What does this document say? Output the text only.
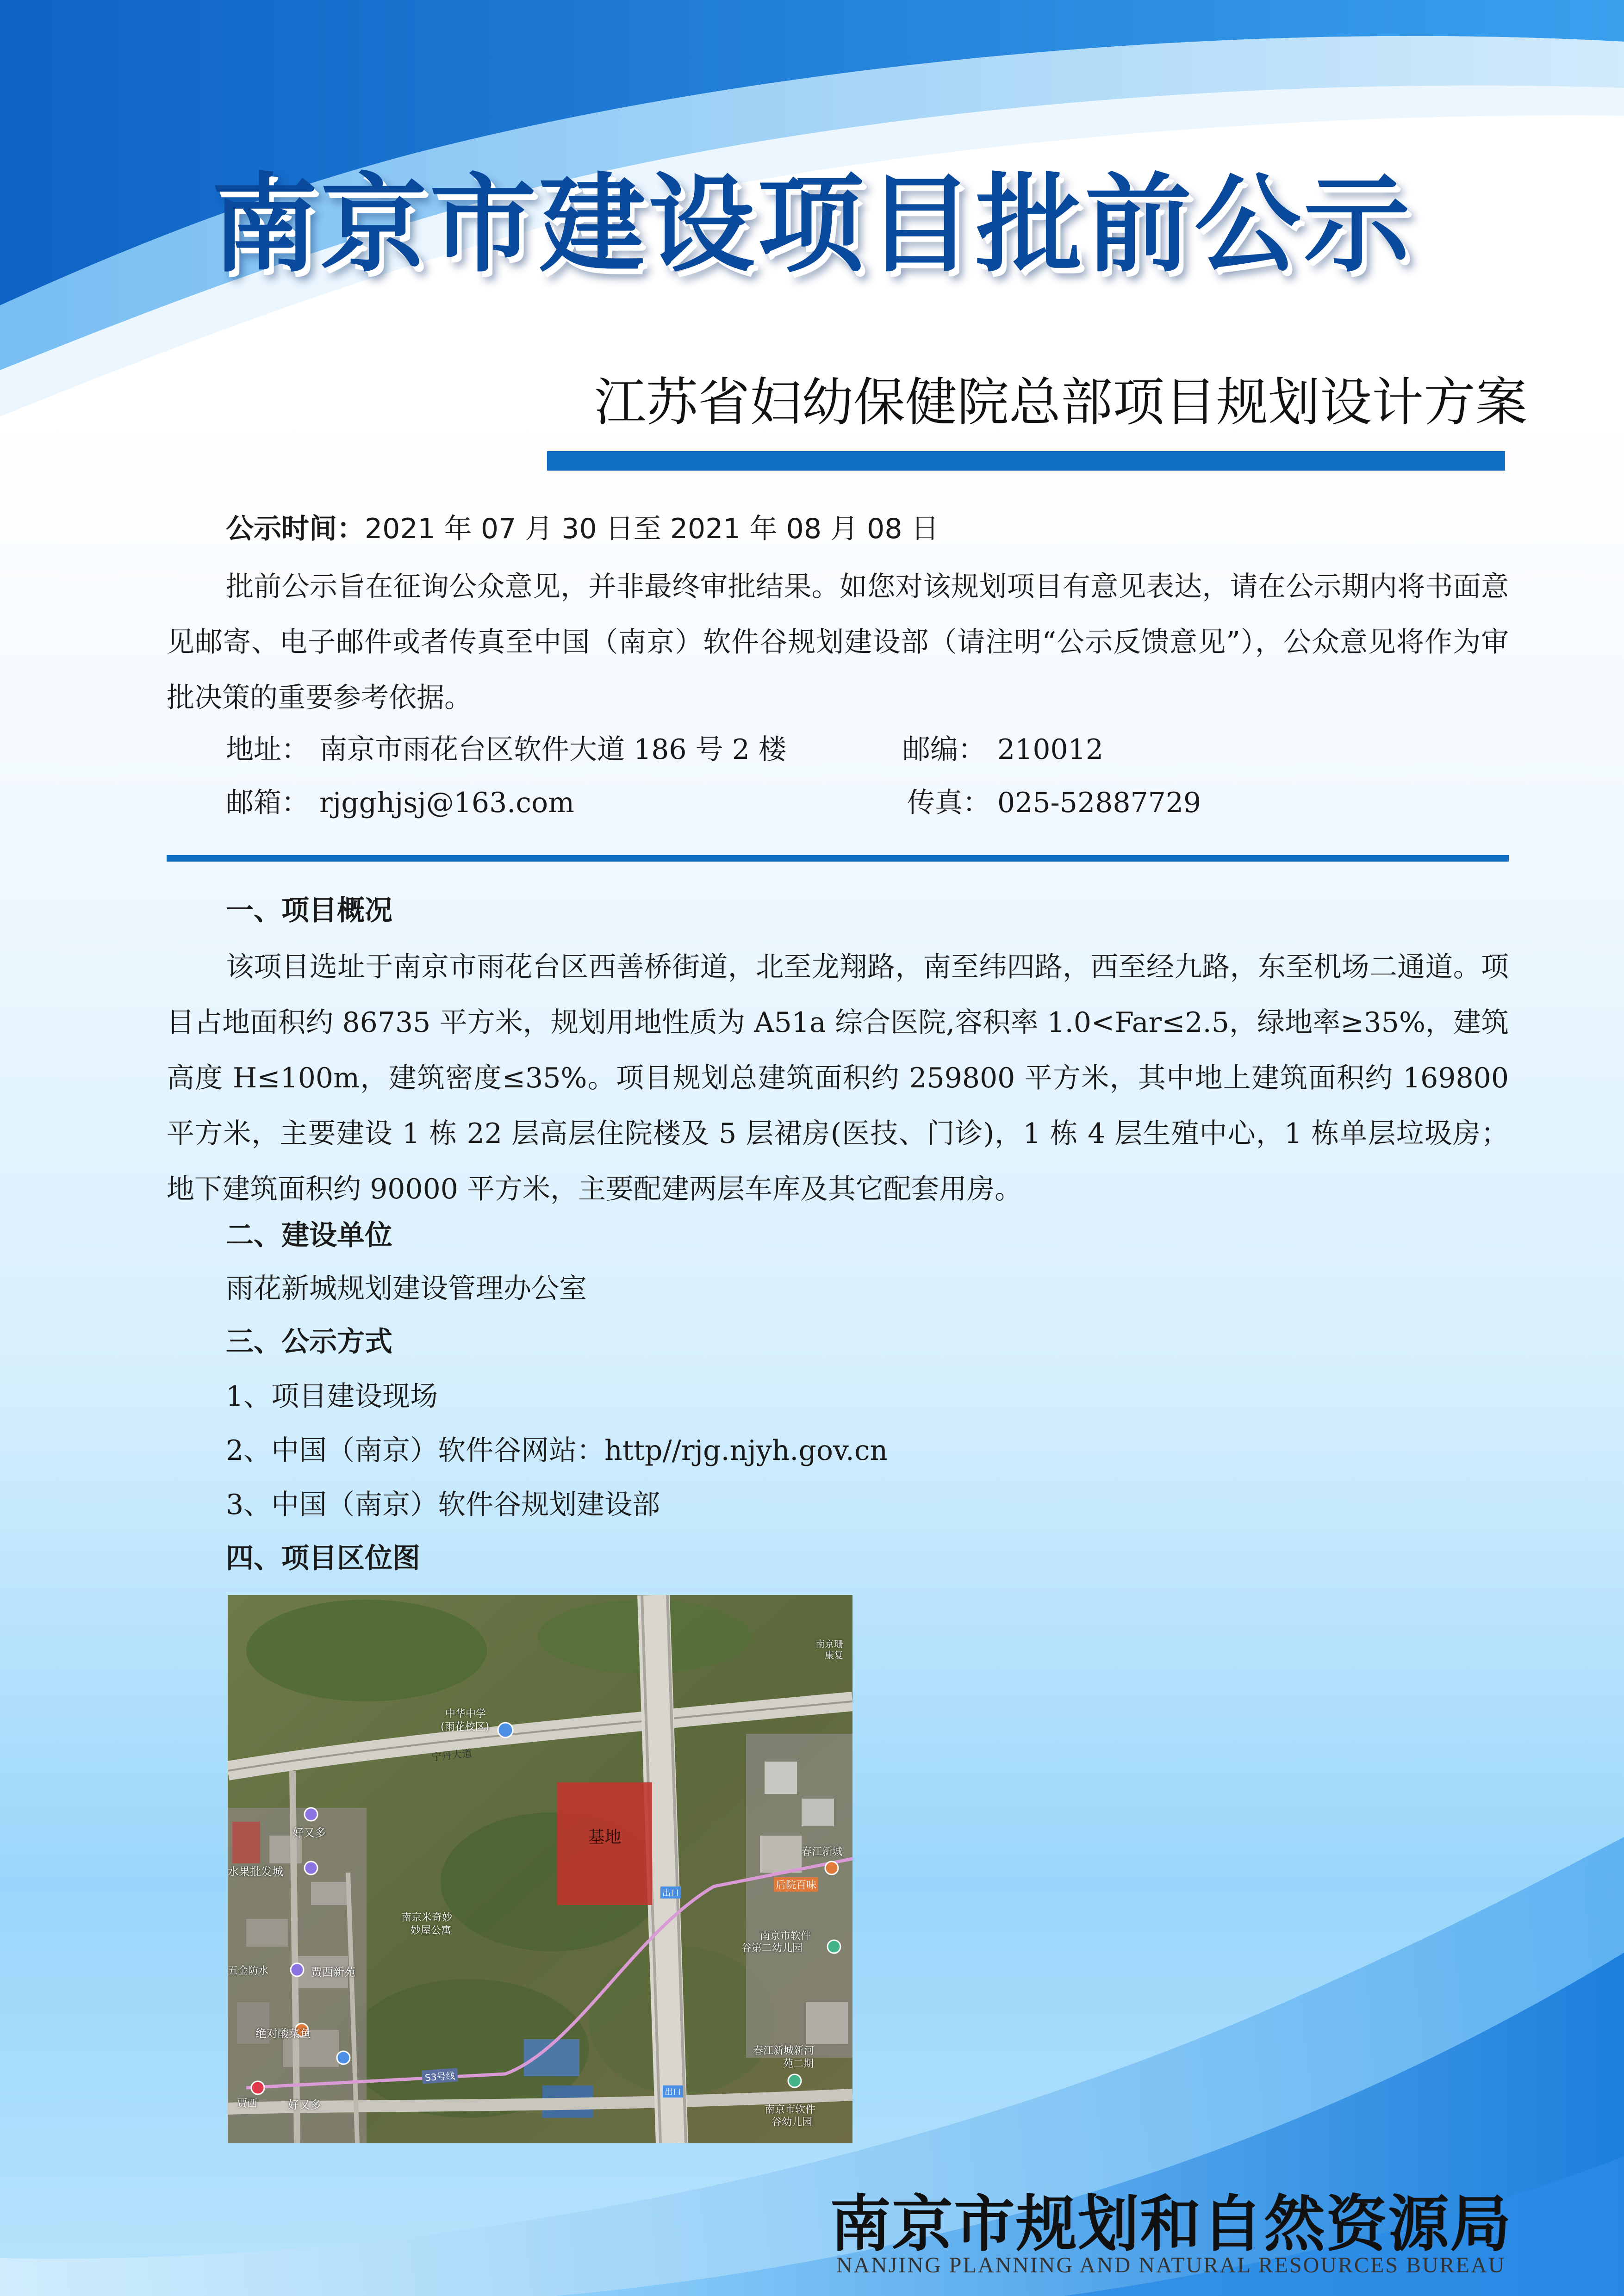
南京市建设项目批前公示
江苏省妇幼保健院总部项目规划设计方案
公示时间：2021 年 07 月 30 日至 2021 年 08 月 08 日
批前公示旨在征询公众意见，并非最终审批结果。如您对该规划项目有意见表达，请在公示期内将书面意见邮寄、电子邮件或者传真至中国（南京）软件谷规划建设部（请注明“公示反馈意见”），公众意见将作为审批决策的重要参考依据。
地址： 南京市雨花台区软件大道 186 号 2 楼	邮编： 210012
邮箱： rjgghjsj@163.com	传真： 025-52887729
一、项目概况
该项目选址于南京市雨花台区西善桥街道，北至龙翔路，南至纬四路，西至经九路，东至机场二通道。项目占地面积约 86735 平方米，规划用地性质为 A51a 综合医院,容积率 1.0<Far≤2.5，绿地率≥35%，建筑高度 H≤100m，建筑密度≤35%。项目规划总建筑面积约 259800 平方米，其中地上建筑面积约 169800 平方米，主要建设 1 栋 22 层高层住院楼及 5 层裙房(医技、门诊)，1 栋 4 层生殖中心，1 栋单层垃圾房；地下建筑面积约 90000 平方米，主要配建两层车库及其它配套用房。
二、建设单位
雨花新城规划建设管理办公室
三、公示方式
1、项目建设现场
2、中国（南京）软件谷网站：http//rjg.njyh.gov.cn
3、中国（南京）软件谷规划建设部
四、项目区位图
基地
宁丹大道
S3号线
出口
出口
中华中学
(雨花校区)
好又多
水果批发城
南京米奇妙
妙屋公寓
五金防水	贾西新苑
绝对酸菜鱼
贾西	好又多
春江新城
后院百味
南京市软件
谷第二幼儿园
春江新城新河
苑二期
南京市软件
谷幼儿园
南京珊
康复
南京市规划和自然资源局
NANJING PLANNING AND NATURAL RESOURCES BUREAU
